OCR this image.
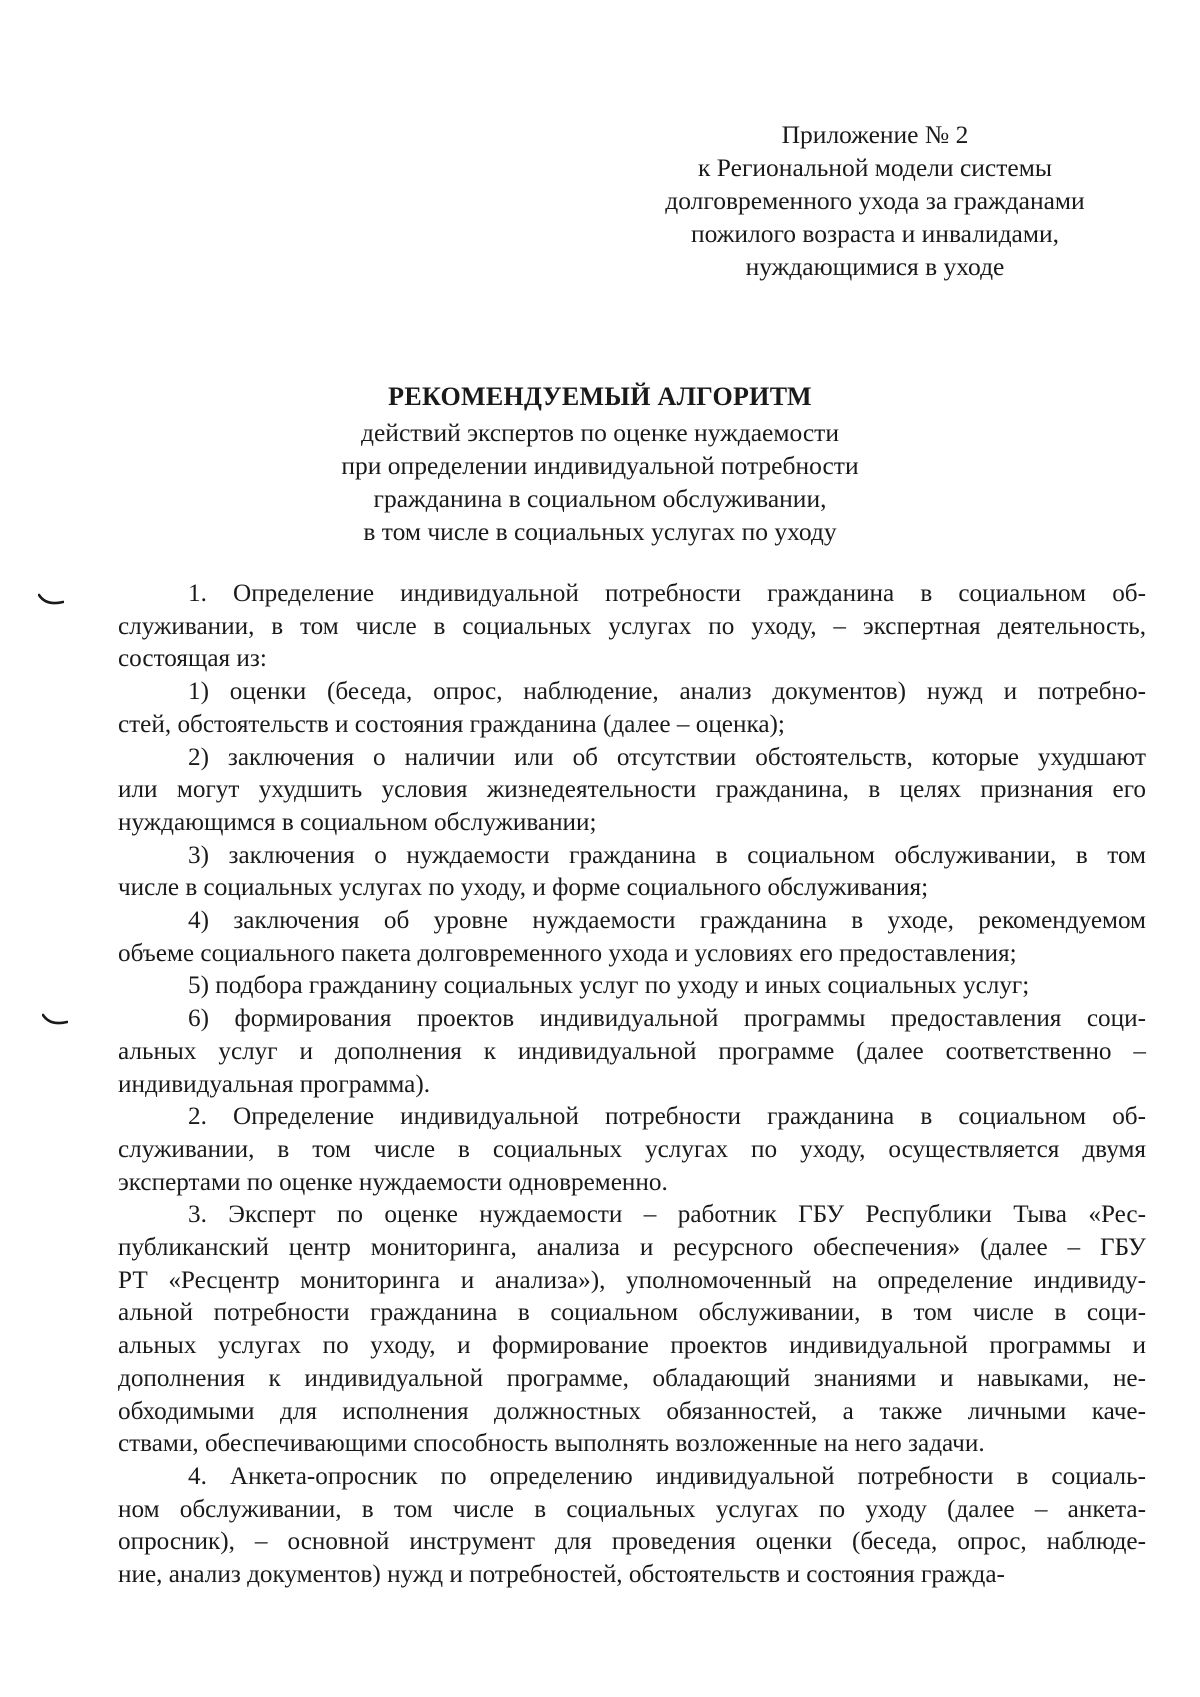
Приложение № 2
к Региональной модели системы
долговременного ухода за гражданами
пожилого возраста и инвалидами,
нуждающимися в уходе
РЕКОМЕНДУЕМЫЙ АЛГОРИТМ
действий экспертов по оценке нуждаемости
при определении индивидуальной потребности
гражданина в социальном обслуживании,
в том числе в социальных услугах по уходу

1. Определение индивидуальной потребности гражданина в социальном об-
служивании, в том числе в социальных услугах по уходу, – экспертная деятельность,
состоящая из:

1) оценки (беседа, опрос, наблюдение, анализ документов) нужд и потребно-
стей, обстоятельств и состояния гражданина (далее – оценка);

2) заключения о наличии или об отсутствии обстоятельств, которые ухудшают
или могут ухудшить условия жизнедеятельности гражданина, в целях признания его
нуждающимся в социальном обслуживании;

3) заключения о нуждаемости гражданина в социальном обслуживании, в том
числе в социальных услугах по уходу, и форме социального обслуживания;

4) заключения об уровне нуждаемости гражданина в уходе, рекомендуемом
объеме социального пакета долговременного ухода и условиях его предоставления;

5) подбора гражданину социальных услуг по уходу и иных социальных услуг;

6) формирования проектов индивидуальной программы предоставления соци-
альных услуг и дополнения к индивидуальной программе (далее соответственно –
индивидуальная программа).

2. Определение индивидуальной потребности гражданина в социальном об-
служивании, в том числе в социальных услугах по уходу, осуществляется двумя
экспертами по оценке нуждаемости одновременно.

3. Эксперт по оценке нуждаемости – работник ГБУ Республики Тыва «Рес-
публиканский центр мониторинга, анализа и ресурсного обеспечения» (далее – ГБУ
РТ «Ресцентр мониторинга и анализа»), уполномоченный на определение индивиду-
альной потребности гражданина в социальном обслуживании, в том числе в соци-
альных услугах по уходу, и формирование проектов индивидуальной программы и
дополнения к индивидуальной программе, обладающий знаниями и навыками, не-
обходимыми для исполнения должностных обязанностей, а также личными каче-
ствами, обеспечивающими способность выполнять возложенные на него задачи.

4. Анкета-опросник по определению индивидуальной потребности в социаль-
ном обслуживании, в том числе в социальных услугах по уходу (далее – анкета-
опросник), – основной инструмент для проведения оценки (беседа, опрос, наблюде-
ние, анализ документов) нужд и потребностей, обстоятельств и состояния гражда-
